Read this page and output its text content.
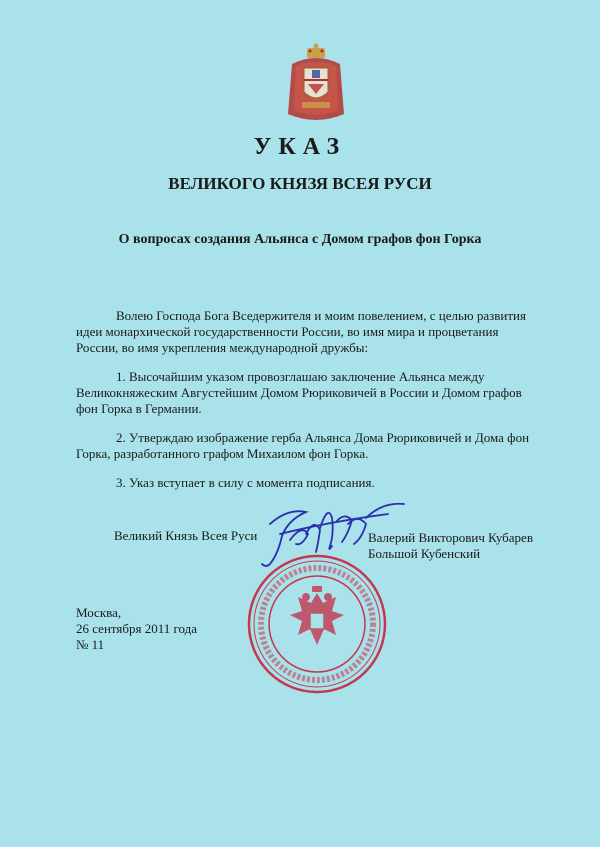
УКАЗ
ВЕЛИКОГО КНЯЗЯ ВСЕЯ РУСИ
О вопросах создания Альянса с Домом графов фон Горка

Волею Господа Бога Вседержителя и моим повелением, с целью развития идеи монархической государственности России, во имя мира и процветания России, во имя укрепления международной дружбы:

1. Высочайшим указом провозглашаю заключение Альянса между Великокняжеским Августейшим Домом Рюриковичей в России и Домом графов фон Горка в Германии.

2. Утверждаю изображение герба Альянса Дома Рюриковичей и Дома фон Горка, разработанного графом Михаилом фон Горка.

3. Указ вступает в силу с момента подписания.

Великий Князь Всея Руси	Валерий Викторович Кубарев
Большой Кубенский
Москва,
26 сентября 2011 года
№ 11
